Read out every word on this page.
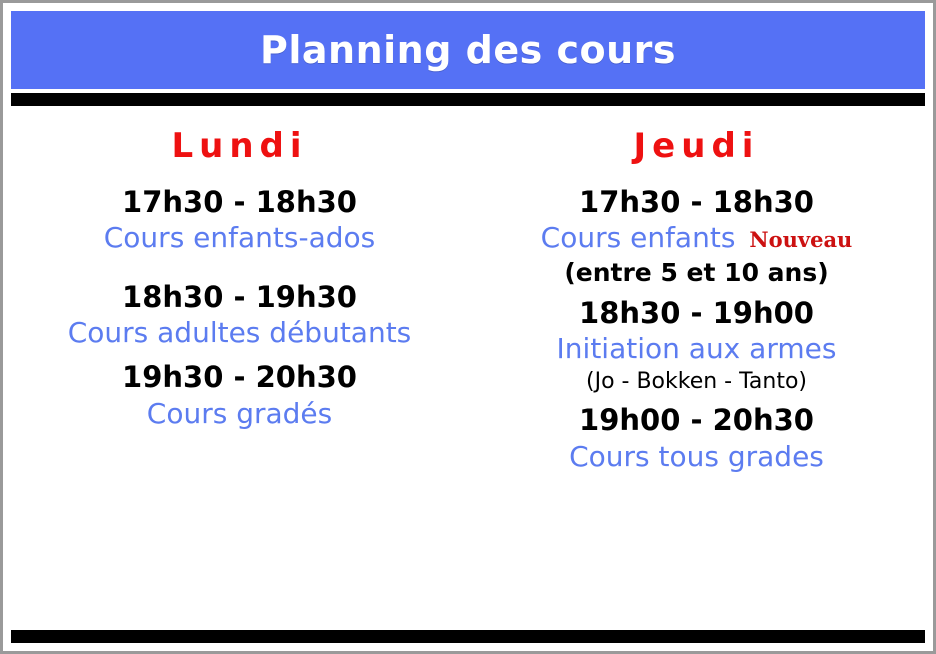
Planning des cours
Lundi
17h30 - 18h30
Cours enfants-ados
18h30 - 19h30
Cours adultes débutants
19h30 - 20h30
Cours gradés
Jeudi
17h30 - 18h30
Cours enfants Nouveau
(entre 5 et 10 ans)
18h30 - 19h00
Initiation aux armes
(Jo - Bokken - Tanto)
19h00 - 20h30
Cours tous grades
